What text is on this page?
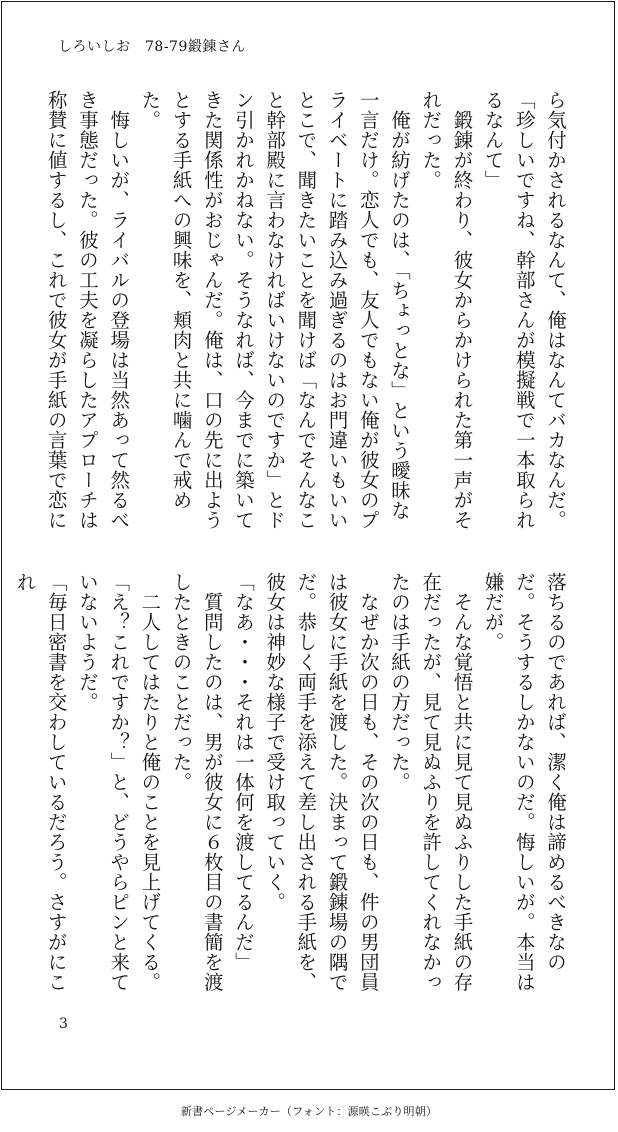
しろいしお　78-79鍛錬さん

ら気付かされるなんて、俺はなんてバカなんだ。

「珍しいですね、幹部さんが模擬戦で一本取られるなんて」

　鍛錬が終わり、彼女からかけられた第一声がそれだった。

　俺が紡げたのは、「ちょっとな」という曖昧な一言だけ。恋人でも、友人でもない俺が彼女のプライベートに踏み込み過ぎるのはお門違いもいいとこで、聞きたいことを聞けば「なんでそんなこと幹部殿に言わなければいけないのですか」とドン引かれかねない。そうなれば、今までに築いてきた関係性がおじゃんだ。俺は、口の先に出ようとする手紙への興味を、頬肉と共に噛んで戒めた。

　悔しいが、ライバルの登場は当然あって然るべき事態だった。彼の工夫を凝らしたアプローチは称賛に値するし、これで彼女が手紙の言葉で恋に

落ちるのであれば、潔く俺は諦めるべきなのだ。そうするしかないのだ。悔しいが。本当は嫌だが。

　そんな覚悟と共に見て見ぬふりした手紙の存在だったが、見て見ぬふりを許してくれなかったのは手紙の方だった。

　なぜか次の日も、その次の日も、件の男団員は彼女に手紙を渡した。決まって鍛錬場の隅でだ。恭しく両手を添えて差し出される手紙を、彼女は神妙な様子で受け取っていく。

「なあ・・・それは一体何を渡してるんだ」

　質問したのは、男が彼女に６枚目の書簡を渡したときのことだった。

　二人してはたりと俺のことを見上げてくる。

「え？これですか？」と、どうやらピンと来ていないようだ。

「毎日密書を交わしているだろう。さすがにこれ

3
新書ページメーカー（フォント：源暎こぶり明朝）
